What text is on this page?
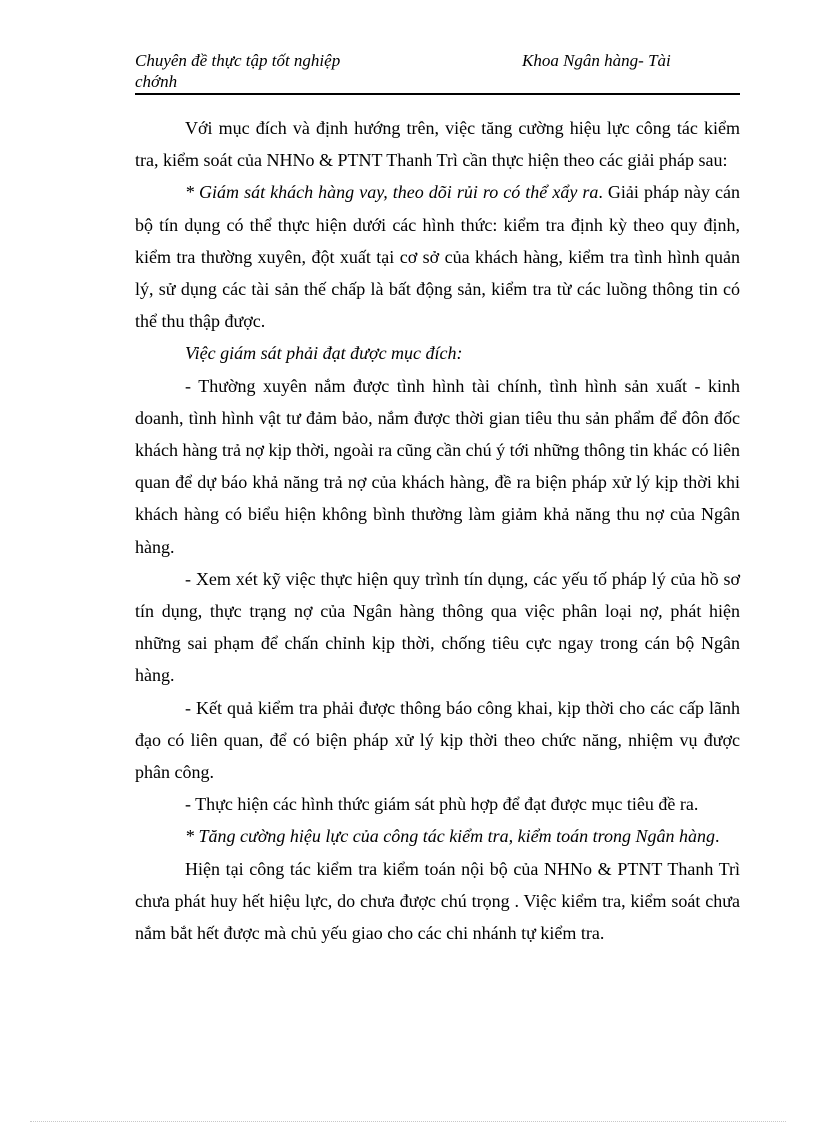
Chuyên đề thực tập tốt nghiệp	Khoa Ngân hàng- Tài
chớnh

Với mục đích và định hướng trên, việc tăng cường hiệu lực công tác kiểm tra, kiểm soát của NHNo & PTNT Thanh Trì cần thực hiện theo các giải pháp sau:

* Giám sát khách hàng vay, theo dõi rủi ro có thể xẩy ra. Giải pháp này cán bộ tín dụng có thể thực hiện dưới các hình thức: kiểm tra định kỳ theo quy định, kiểm tra thường xuyên, đột xuất tại cơ sở của khách hàng, kiểm tra tình hình quản lý, sử dụng các tài sản thế chấp là bất động sản, kiểm tra từ các luồng thông tin có thể thu thập được.

Việc giám sát phải đạt được mục đích:

- Thường xuyên nắm được tình hình tài chính, tình hình sản xuất - kinh doanh, tình hình vật tư đảm bảo, nắm được thời gian tiêu thu sản phẩm để đôn đốc khách hàng trả nợ kịp thời, ngoài ra cũng cần chú ý tới những thông tin khác có liên quan để dự báo khả năng trả nợ của khách hàng, đề ra biện pháp xử lý kịp thời khi khách hàng có biểu hiện không bình thường làm giảm khả năng thu nợ của Ngân hàng.

- Xem xét kỹ việc thực hiện quy trình tín dụng, các yếu tố pháp lý của hồ sơ tín dụng, thực trạng nợ của Ngân hàng thông qua việc phân loại nợ, phát hiện những sai phạm để chấn chỉnh kịp thời, chống tiêu cực ngay trong cán bộ Ngân hàng.

- Kết quả kiểm tra phải được thông báo công khai, kịp thời cho các cấp lãnh đạo có liên quan, để có biện pháp xử lý kịp thời theo chức năng, nhiệm vụ được phân công.

- Thực hiện các hình thức giám sát phù hợp để đạt được mục tiêu đề ra.

* Tăng cường hiệu lực của công tác kiểm tra, kiểm toán trong Ngân hàng.

Hiện tại công tác kiểm tra kiểm toán nội bộ của NHNo & PTNT Thanh Trì chưa phát huy hết hiệu lực, do chưa được chú trọng . Việc kiểm tra, kiểm soát chưa nắm bắt hết được mà chủ yếu giao cho các chi nhánh tự kiểm tra.
